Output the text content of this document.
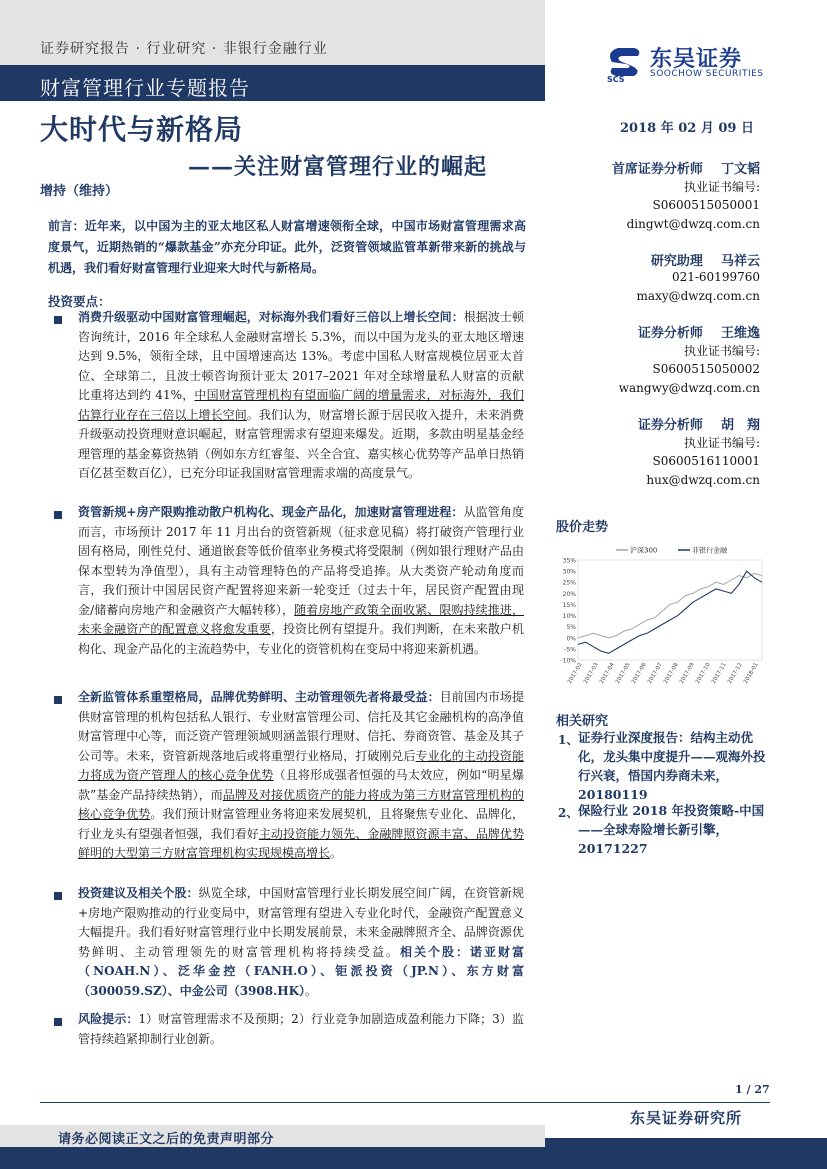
证券研究报告 · 行业研究 · 非银行金融行业
财富管理行业专题报告	SCS
东吴证券
SOOCHOW SECURITIES
大时代与新格局
——关注财富管理行业的崛起
2018 年 02 月 09 日
增持（维持）
前言：近年来，以中国为主的亚太地区私人财富增速领衔全球，中国市场财富管理需求高度景气，近期热销的“爆款基金”亦充分印证。此外，泛资管领域监管革新带来新的挑战与机遇，我们看好财富管理行业迎来大时代与新格局。
投资要点：
消费升级驱动中国财富管理崛起，对标海外我们看好三倍以上增长空间：根据波士顿咨询统计，2016 年全球私人金融财富增长 5.3%，而以中国为龙头的亚太地区增速达到 9.5%，领衔全球，且中国增速高达 13%。考虑中国私人财富规模位居亚太首位、全球第二，且波士顿咨询预计亚太 2017–2021 年对全球增量私人财富的贡献比重将达到约 41%，中国财富管理机构有望面临广阔的增量需求，对标海外，我们估算行业存在三倍以上增长空间。我们认为，财富增长源于居民收入提升，未来消费升级驱动投资理财意识崛起，财富管理需求有望迎来爆发。近期，多款由明星基金经理管理的基金募资热销（例如东方红睿玺、兴全合宜、嘉实核心优势等产品单日热销百亿甚至数百亿），已充分印证我国财富管理需求端的高度景气。
资管新规+房产限购推动散户机构化、现金产品化，加速财富管理进程：从监管角度而言，市场预计 2017 年 11 月出台的资管新规（征求意见稿）将打破资产管理行业固有格局，刚性兑付、通道嵌套等低价值率业务模式将受限制（例如银行理财产品由保本型转为净值型），具有主动管理特色的产品将受追捧。从大类资产轮动角度而言，我们预计中国居民资产配置将迎来新一轮变迁（过去十年，居民资产配置由现金/储蓄向房地产和金融资产大幅转移），随着房地产政策全面收紧、限购持续推进，未来金融资产的配置意义将愈发重要，投资比例有望提升。我们判断，在未来散户机构化、现金产品化的主流趋势中，专业化的资管机构在变局中将迎来新机遇。
全新监管体系重塑格局，品牌优势鲜明、主动管理领先者将最受益：目前国内市场提供财富管理的机构包括私人银行、专业财富管理公司、信托及其它金融机构的高净值财富管理中心等，而泛资产管理领域则涵盖银行理财、信托、券商资管、基金及其子公司等。未来，资管新规落地后或将重塑行业格局，打破刚兑后专业化的主动投资能力将成为资产管理人的核心竞争优势（且将形成强者恒强的马太效应，例如“明星爆款”基金产品持续热销），而品牌及对接优质资产的能力将成为第三方财富管理机构的核心竞争优势。我们预计财富管理业务将迎来发展契机，且将聚焦专业化、品牌化，行业龙头有望强者恒强，我们看好主动投资能力领先、金融牌照资源丰富、品牌优势鲜明的大型第三方财富管理机构实现规模高增长。
投资建议及相关个股：纵览全球，中国财富管理行业长期发展空间广阔，在资管新规+房地产限购推动的行业变局中，财富管理有望进入专业化时代，金融资产配置意义大幅提升。我们看好财富管理行业中长期发展前景，未来金融牌照齐全、品牌资源优势鲜明、主动管理领先的财富管理机构将持续受益。相关个股：诺亚财富（NOAH.N）、泛华金控（FANH.O）、钜派投资（JP.N）、东方财富（300059.SZ）、中金公司（3908.HK）。
风险提示：1）财富管理需求不及预期；2）行业竞争加剧造成盈利能力下降；3）监管持续趋紧抑制行业创新。
首席证券分析师 丁文韬
执业证书编号:
S0600515050001
dingwt@dwzq.com.cn
研究助理 马祥云
021-60199760
maxy@dwzq.com.cn
证券分析师 王维逸
执业证书编号:
S0600515050002
wangwy@dwzq.com.cn
证券分析师 胡　翔
执业证书编号:
S0600516110001
hux@dwzq.com.cn
股价走势
35%
30%
25%
20%
15%
10%
5%
0%
-5%
-10%
2017-02 2017-03 2017-04 2017-05 2017-06 2017-07 2017-08 2017-09 2017-10 2017-11 2017-12 2018-01
沪深300	非银行金融
相关研究
1、 证券行业深度报告：结构主动优化，龙头集中度提升——观海外投行兴衰，悟国内券商未来，20180119
2、 保险行业 2018 年投资策略-中国——全球寿险增长新引擎，20171227
1 / 27
东吴证券研究所
请务必阅读正文之后的免责声明部分
